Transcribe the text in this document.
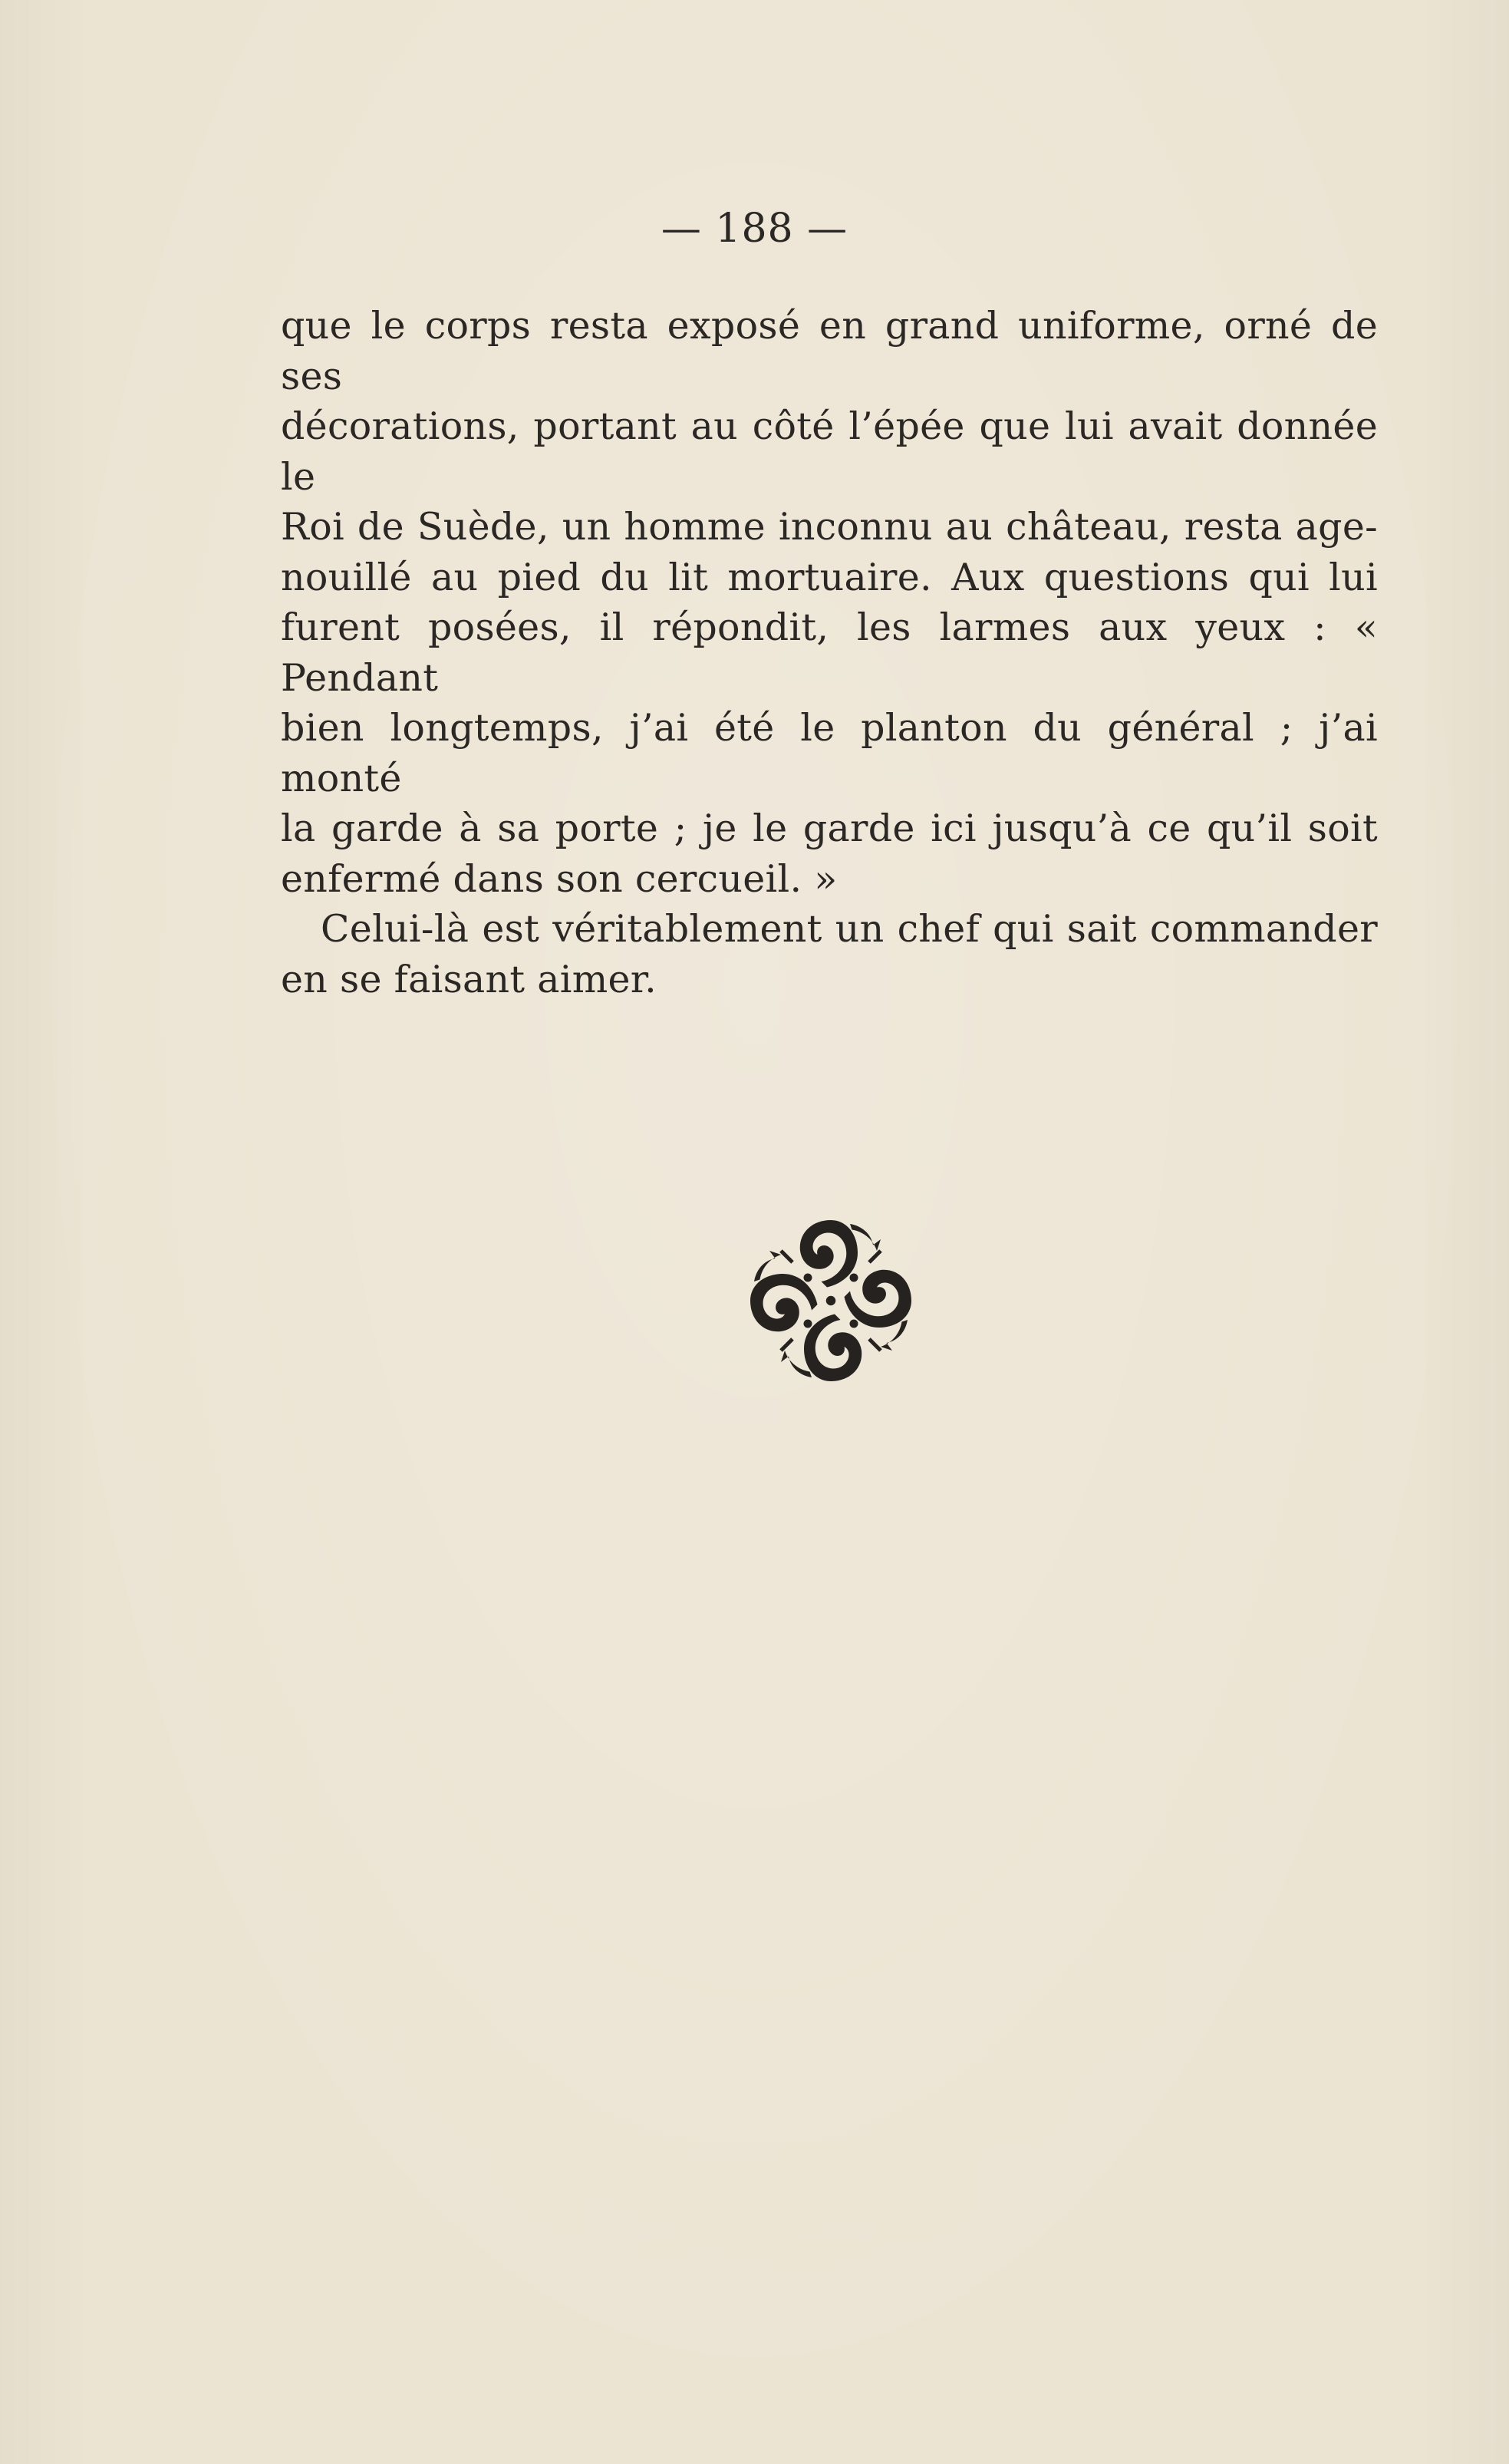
— 188 —

que le corps resta exposé en grand uniforme, orné de ses

décorations, portant au côté l’épée que lui avait donnée le

Roi de Suède, un homme inconnu au château, resta age-

nouillé au pied du lit mortuaire. Aux questions qui lui

furent posées, il répondit, les larmes aux yeux : « Pendant

bien longtemps, j’ai été le planton du général ; j’ai monté

la garde à sa porte ; je le garde ici jusqu’à ce qu’il soit

enfermé dans son cercueil. »

Celui-là est véritablement un chef qui sait commander

en se faisant aimer.
